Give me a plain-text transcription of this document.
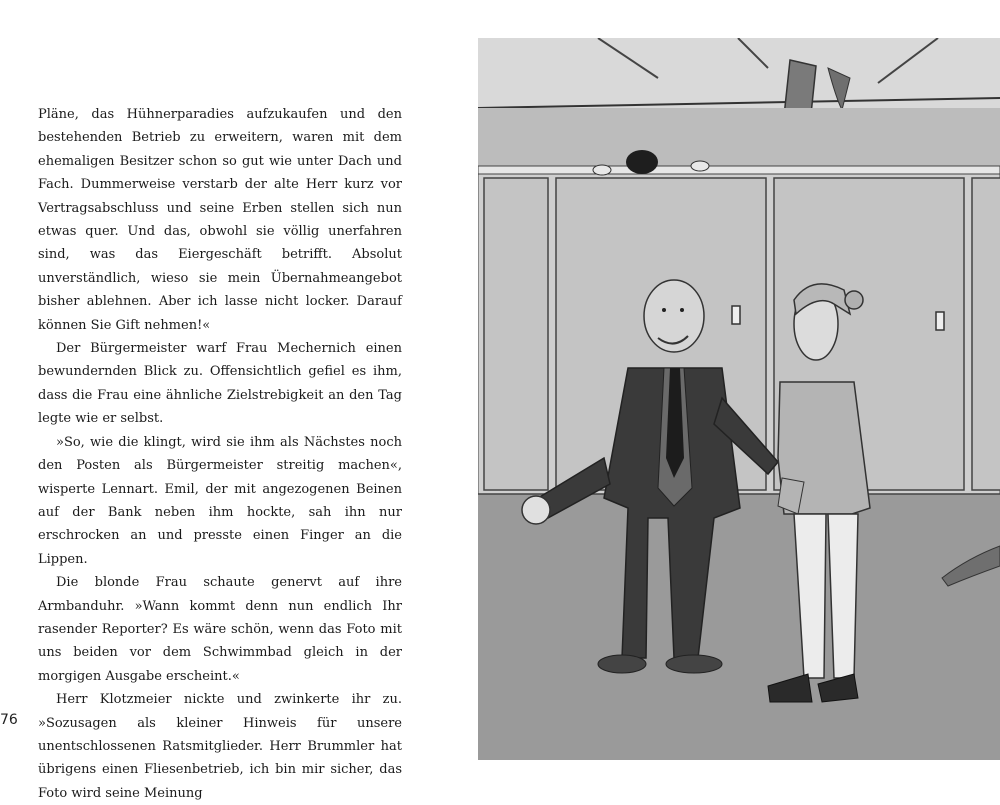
Pläne, das Hühnerparadies aufzukaufen und den bestehenden Betrieb zu erweitern, waren mit dem ehemaligen Besitzer schon so gut wie unter Dach und Fach. Dummerweise verstarb der alte Herr kurz vor Vertragsabschluss und seine Erben stellen sich nun etwas quer. Und das, obwohl sie völlig unerfahren sind, was das Eiergeschäft betrifft. Absolut unverständlich, wieso sie mein Übernahmeangebot bisher ablehnen. Aber ich lasse nicht locker. Darauf können Sie Gift nehmen!«

Der Bürgermeister warf Frau Mechernich einen bewundernden Blick zu. Offensichtlich gefiel es ihm, dass die Frau eine ähnliche Zielstrebigkeit an den Tag legte wie er selbst.

»So, wie die klingt, wird sie ihm als Nächstes noch den Posten als Bürgermeister streitig machen«, wisperte Lennart. Emil, der mit angezogenen Beinen auf der Bank neben ihm hockte, sah ihn nur erschrocken an und presste einen Finger an die Lippen.

Die blonde Frau schaute genervt auf ihre Armbanduhr. »Wann kommt denn nun endlich Ihr rasender Reporter? Es wäre schön, wenn das Foto mit uns beiden vor dem Schwimmbad gleich in der morgigen Ausgabe erscheint.«

Herr Klotzmeier nickte und zwinkerte ihr zu. »Sozusagen als kleiner Hinweis für unsere unentschlossenen Ratsmitglieder. Herr Brummler hat übrigens einen Fliesenbetrieb, ich bin mir sicher, das Foto wird seine Meinung

76
